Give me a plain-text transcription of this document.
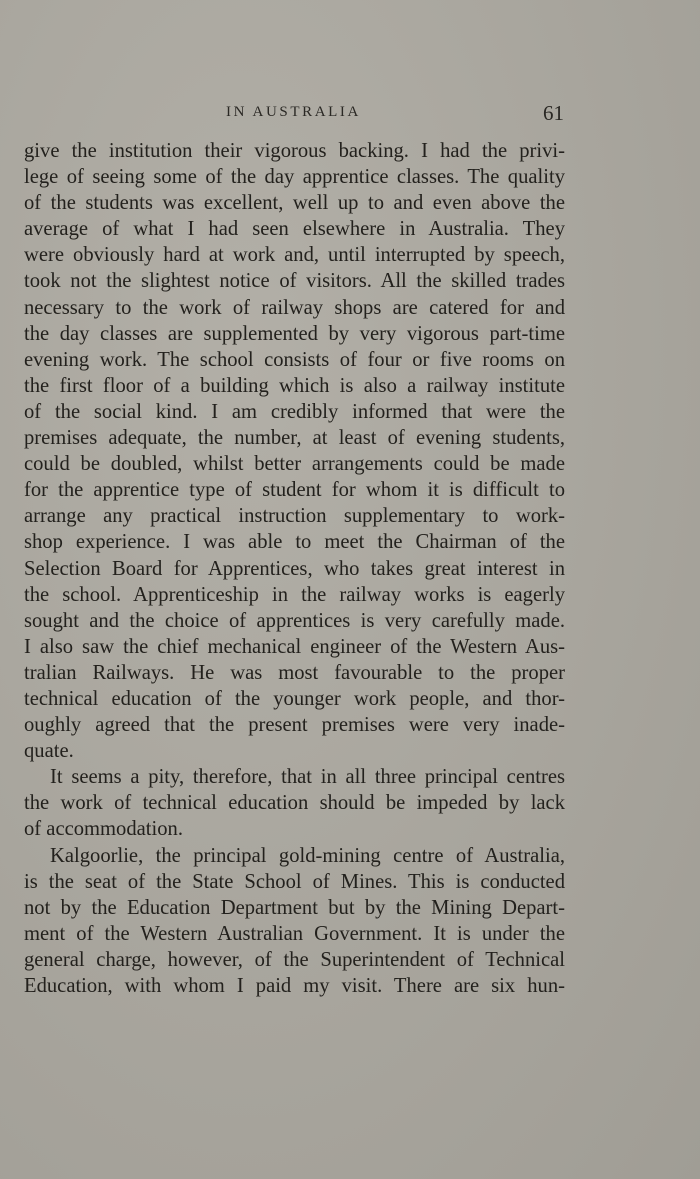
IN AUSTRALIA	61
give the institution their vigorous backing. I had the privi-
lege of seeing some of the day apprentice classes. The quality
of the students was excellent, well up to and even above the
average of what I had seen elsewhere in Australia. They
were obviously hard at work and, until interrupted by speech,
took not the slightest notice of visitors. All the skilled trades
necessary to the work of railway shops are catered for and
the day classes are supplemented by very vigorous part-time
evening work. The school consists of four or five rooms on
the first floor of a building which is also a railway institute
of the social kind. I am credibly informed that were the
premises adequate, the number, at least of evening students,
could be doubled, whilst better arrangements could be made
for the apprentice type of student for whom it is difficult to
arrange any practical instruction supplementary to work-
shop experience. I was able to meet the Chairman of the
Selection Board for Apprentices, who takes great interest in
the school. Apprenticeship in the railway works is eagerly
sought and the choice of apprentices is very carefully made.
I also saw the chief mechanical engineer of the Western Aus-
tralian Railways. He was most favourable to the proper
technical education of the younger work people, and thor-
oughly agreed that the present premises were very inade-
quate.
It seems a pity, therefore, that in all three principal centres
the work of technical education should be impeded by lack
of accommodation.
Kalgoorlie, the principal gold-mining centre of Australia,
is the seat of the State School of Mines. This is conducted
not by the Education Department but by the Mining Depart-
ment of the Western Australian Government. It is under the
general charge, however, of the Superintendent of Technical
Education, with whom I paid my visit. There are six hun-
